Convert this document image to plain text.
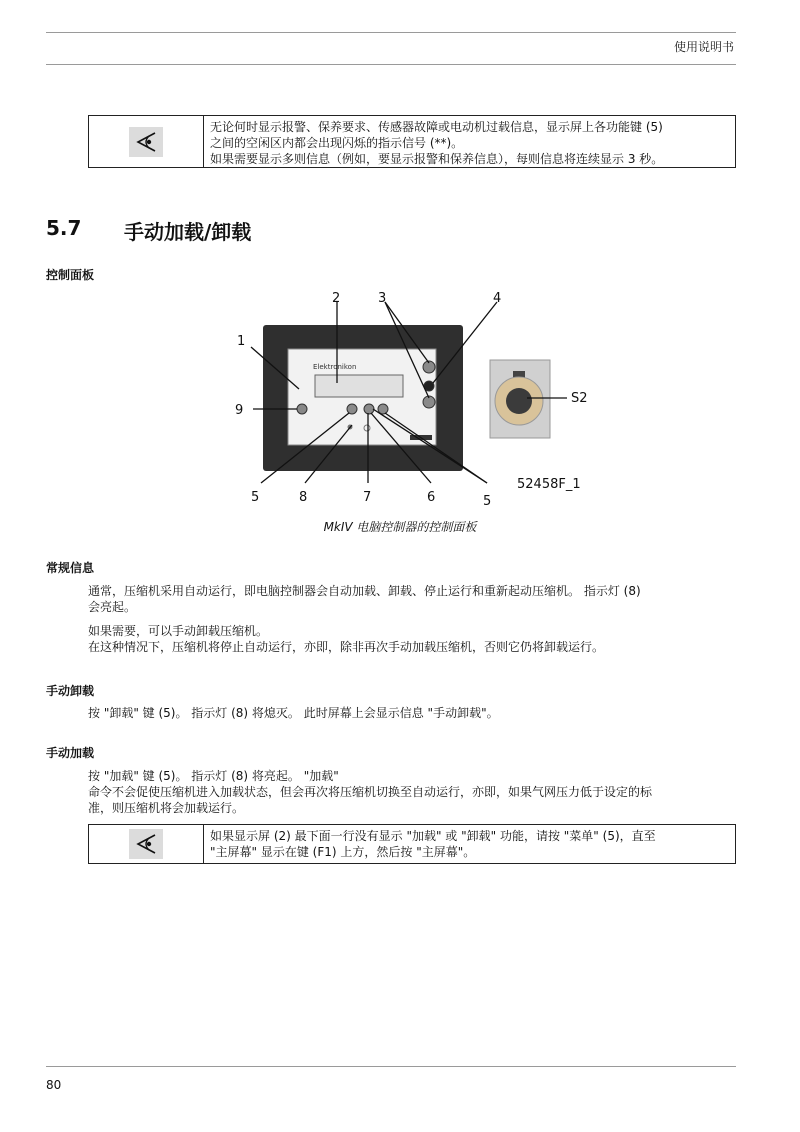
使用说明书
无论何时显示报警、保养要求、传感器故障或电动机过载信息，显示屏上各功能键 (5)
之间的空闲区内都会出现闪烁的指示信号 (**)。
如果需要显示多则信息（例如，要显示报警和保养信息），每则信息将连续显示 3 秒。
5.7 手动加载/卸载
控制面板
Elektronikon
2	3	4
1
9
S2
5	8	7	6	5
52458F_1
MkIV 电脑控制器的控制面板
常规信息
通常，压缩机采用自动运行，即电脑控制器会自动加载、卸载、停止运行和重新起动压缩机。 指示灯 (8)
会亮起。
如果需要，可以手动卸载压缩机。
在这种情况下，压缩机将停止自动运行，亦即，除非再次手动加载压缩机，否则它仍将卸载运行。
手动卸载
按 "卸载" 键 (5)。 指示灯 (8) 将熄灭。 此时屏幕上会显示信息 "手动卸载"。
手动加载
按 "加载" 键 (5)。 指示灯 (8) 将亮起。 "加载"
命令不会促使压缩机进入加载状态，但会再次将压缩机切换至自动运行，亦即，如果气网压力低于设定的标
准，则压缩机将会加载运行。
如果显示屏 (2) 最下面一行没有显示 "加载" 或 "卸载" 功能，请按 "菜单" (5)，直至
"主屏幕" 显示在键 (F1) 上方，然后按 "主屏幕"。
80
